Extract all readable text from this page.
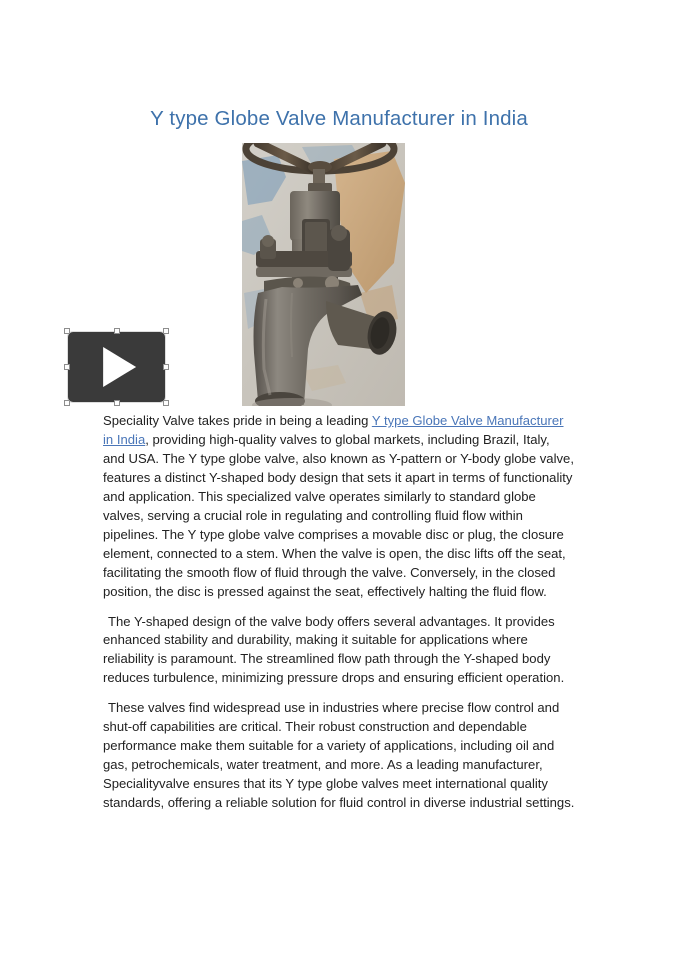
Y type Globe Valve Manufacturer in India

Speciality Valve takes pride in being a leading Y type Globe Valve Manufacturer in India, providing high-quality valves to global markets, including Brazil, Italy, and USA. The Y type globe valve, also known as Y-pattern or Y-body globe valve, features a distinct Y-shaped body design that sets it apart in terms of functionality and application. This specialized valve operates similarly to standard globe valves, serving a crucial role in regulating and controlling fluid flow within pipelines. The Y type globe valve comprises a movable disc or plug, the closure element, connected to a stem. When the valve is open, the disc lifts off the seat, facilitating the smooth flow of fluid through the valve. Conversely, in the closed position, the disc is pressed against the seat, effectively halting the fluid flow.

The Y-shaped design of the valve body offers several advantages. It provides enhanced stability and durability, making it suitable for applications where reliability is paramount. The streamlined flow path through the Y-shaped body reduces turbulence, minimizing pressure drops and ensuring efficient operation.

These valves find widespread use in industries where precise flow control and shut-off capabilities are critical. Their robust construction and dependable performance make them suitable for a variety of applications, including oil and gas, petrochemicals, water treatment, and more. As a leading manufacturer, Specialityvalve ensures that its Y type globe valves meet international quality standards, offering a reliable solution for fluid control in diverse industrial settings.
